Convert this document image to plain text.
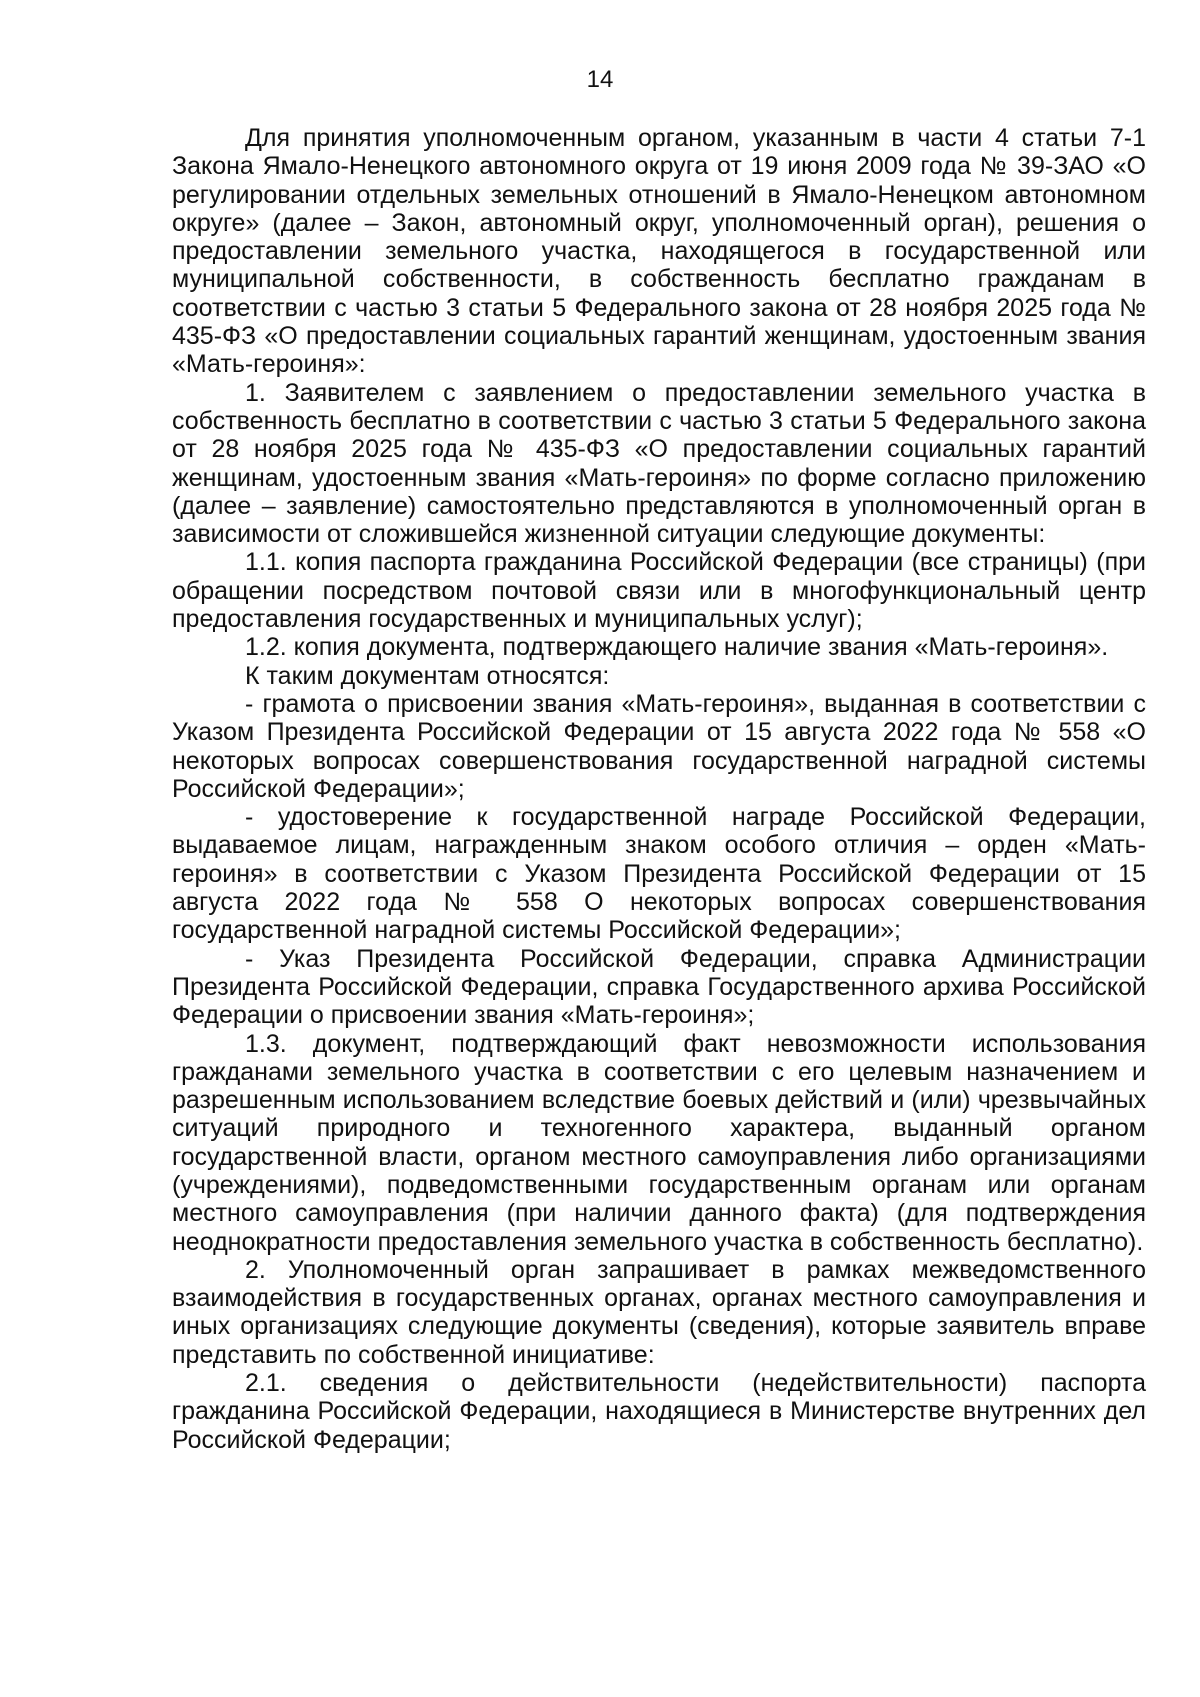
14

Для принятия уполномоченным органом, указанным в части 4 статьи 7-1 Закона Ямало-Ненецкого автономного округа от 19 июня 2009 года № 39-ЗАО «О регулировании отдельных земельных отношений в Ямало-Ненецком автономном округе» (далее – Закон, автономный округ, уполномоченный орган), решения о предоставлении земельного участка, находящегося в государственной или муниципальной собственности, в собственность бесплатно гражданам в соответствии с частью 3 статьи 5 Федерального закона от 28 ноября 2025 года № 435-ФЗ «О предоставлении социальных гарантий женщинам, удостоенным звания «Мать-героиня»:

1. Заявителем с заявлением о предоставлении земельного участка в собственность бесплатно в соответствии с частью 3 статьи 5 Федерального закона от 28 ноября 2025 года № 435-ФЗ «О предоставлении социальных гарантий женщинам, удостоенным звания «Мать-героиня» по форме согласно приложению (далее – заявление) самостоятельно представляются в уполномоченный орган в зависимости от сложившейся жизненной ситуации следующие документы:

1.1. копия паспорта гражданина Российской Федерации (все страницы) (при обращении посредством почтовой связи или в многофункциональный центр предоставления государственных и муниципальных услуг);

1.2. копия документа, подтверждающего наличие звания «Мать-героиня».

К таким документам относятся:

- грамота о присвоении звания «Мать-героиня», выданная в соответствии с Указом Президента Российской Федерации от 15 августа 2022 года № 558 «О некоторых вопросах совершенствования государственной наградной системы Российской Федерации»;

- удостоверение к государственной награде Российской Федерации, выдаваемое лицам, награжденным знаком особого отличия – орден «Мать-героиня» в соответствии с Указом Президента Российской Федерации от 15 августа 2022 года № 558 О некоторых вопросах совершенствования государственной наградной системы Российской Федерации»;

- Указ Президента Российской Федерации, справка Администрации Президента Российской Федерации, справка Государственного архива Российской Федерации о присвоении звания «Мать-героиня»;

1.3. документ, подтверждающий факт невозможности использования гражданами земельного участка в соответствии с его целевым назначением и разрешенным использованием вследствие боевых действий и (или) чрезвычайных ситуаций природного и техногенного характера, выданный органом государственной власти, органом местного самоуправления либо организациями (учреждениями), подведомственными государственным органам или органам местного самоуправления (при наличии данного факта) (для подтверждения неоднократности предоставления земельного участка в собственность бесплатно).

2. Уполномоченный орган запрашивает в рамках межведомственного взаимодействия в государственных органах, органах местного самоуправления и иных организациях следующие документы (сведения), которые заявитель вправе представить по собственной инициативе:

2.1. сведения о действительности (недействительности) паспорта гражданина Российской Федерации, находящиеся в Министерстве внутренних дел Российской Федерации;
